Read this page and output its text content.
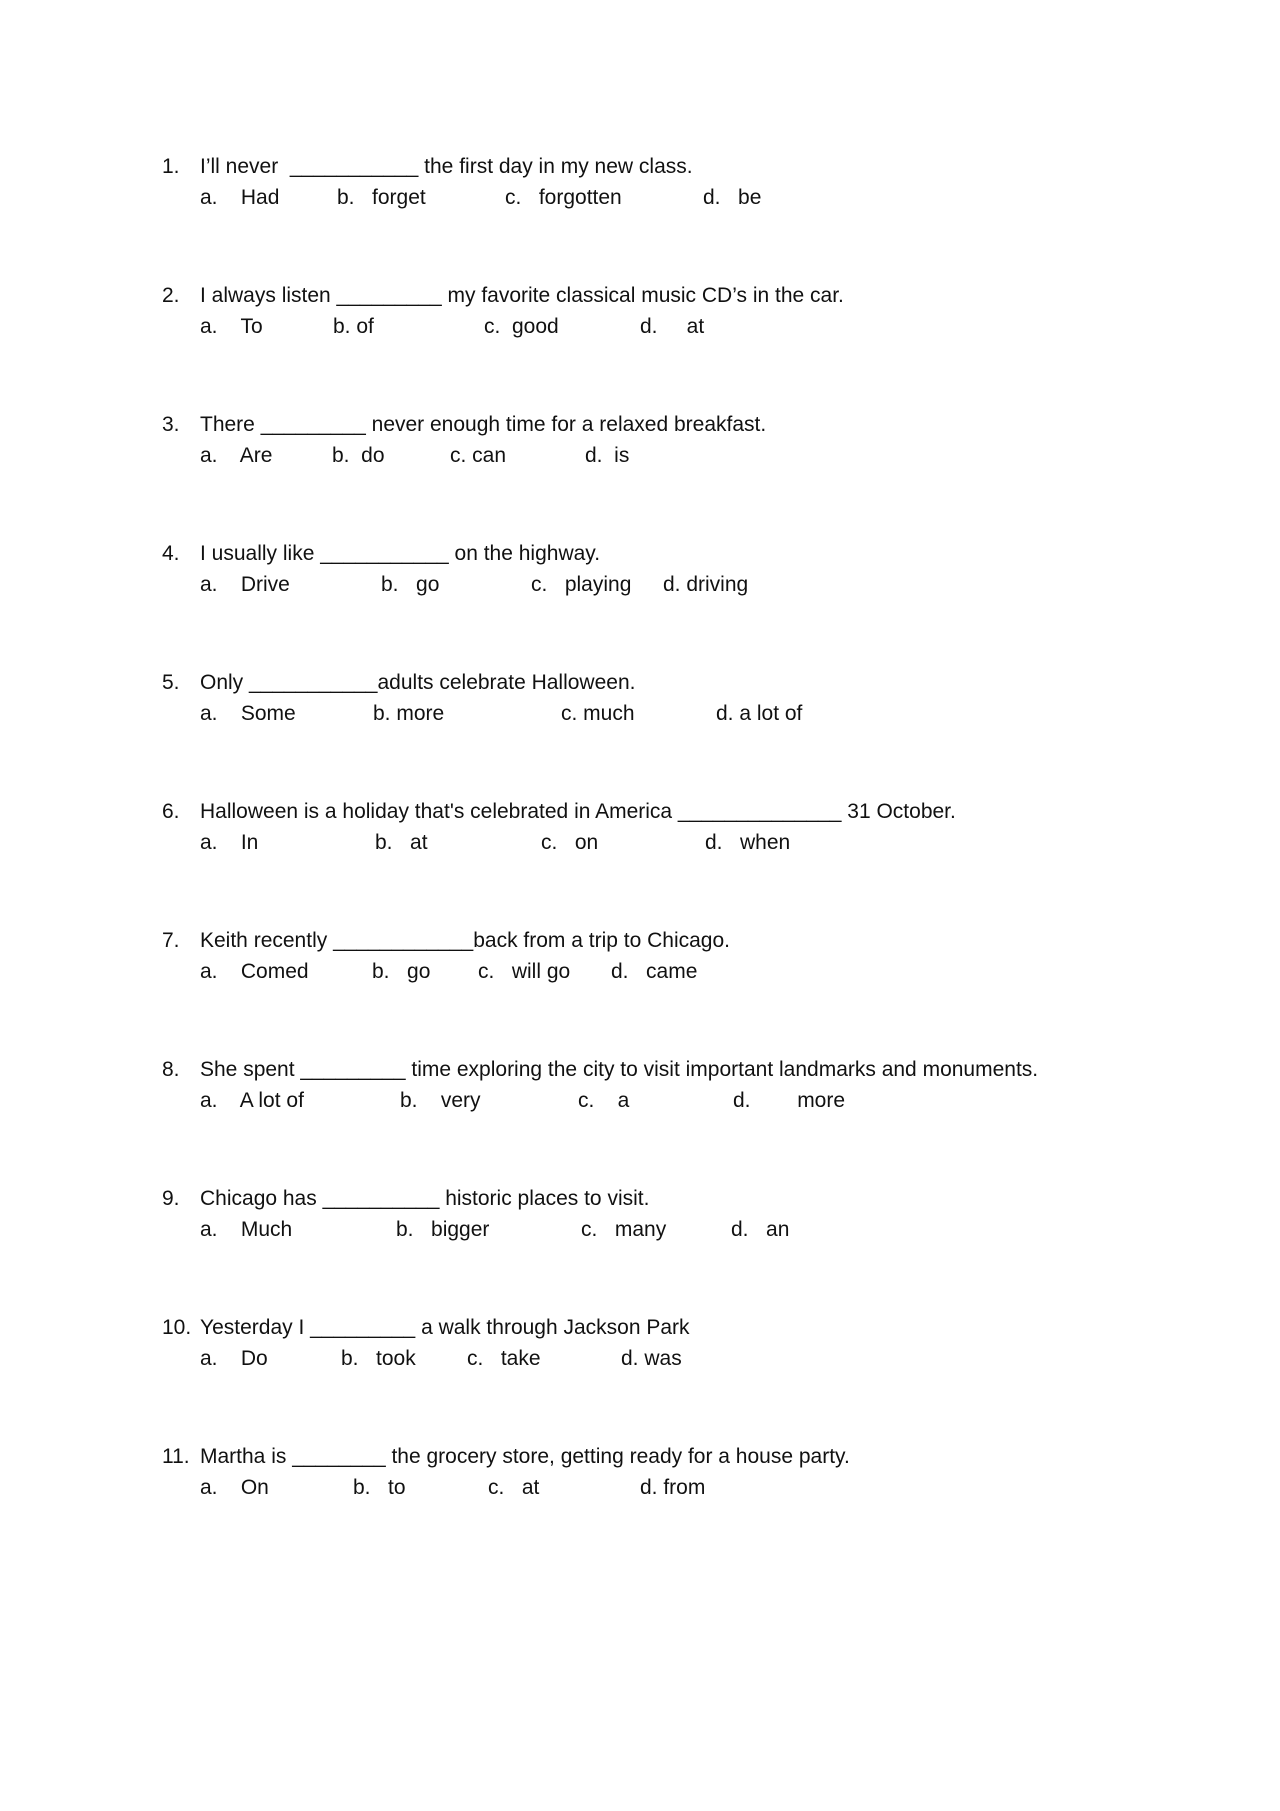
1. I’ll never  ___________ the first day in my new class.
a.    Had	b.   forget	c.   forgotten	d.   be
2. I always listen _________ my favorite classical music CD’s in the car.
a.    To	b. of	c.  good	d.     at
3. There _________ never enough time for a relaxed breakfast.
a.    Are	b.  do	c. can	d.  is
4. I usually like ___________ on the highway.
a.    Drive	b.   go	c.   playing d. driving
5. Only ___________adults celebrate Halloween.
a.    Some	b. more	c. much	d. a lot of
6. Halloween is a holiday that's celebrated in America ______________ 31 October.
a.    In	b.   at	c.   on	d.   when
7. Keith recently ____________back from a trip to Chicago.
a.    Comed	b.   go c.   will go d.   came
8. She spent _________ time exploring the city to visit important landmarks and monuments.
a.    A lot of	b.    very	c.    a	d.        more
9. Chicago has __________ historic places to visit.
a.    Much	b.   bigger	c.   many	d.   an
10. Yesterday I _________ a walk through Jackson Park
a.    Do	b.   took c.   take	d. was
11. Martha is ________ the grocery store, getting ready for a house party.
a.    On	b.   to	c.   at	d. from
